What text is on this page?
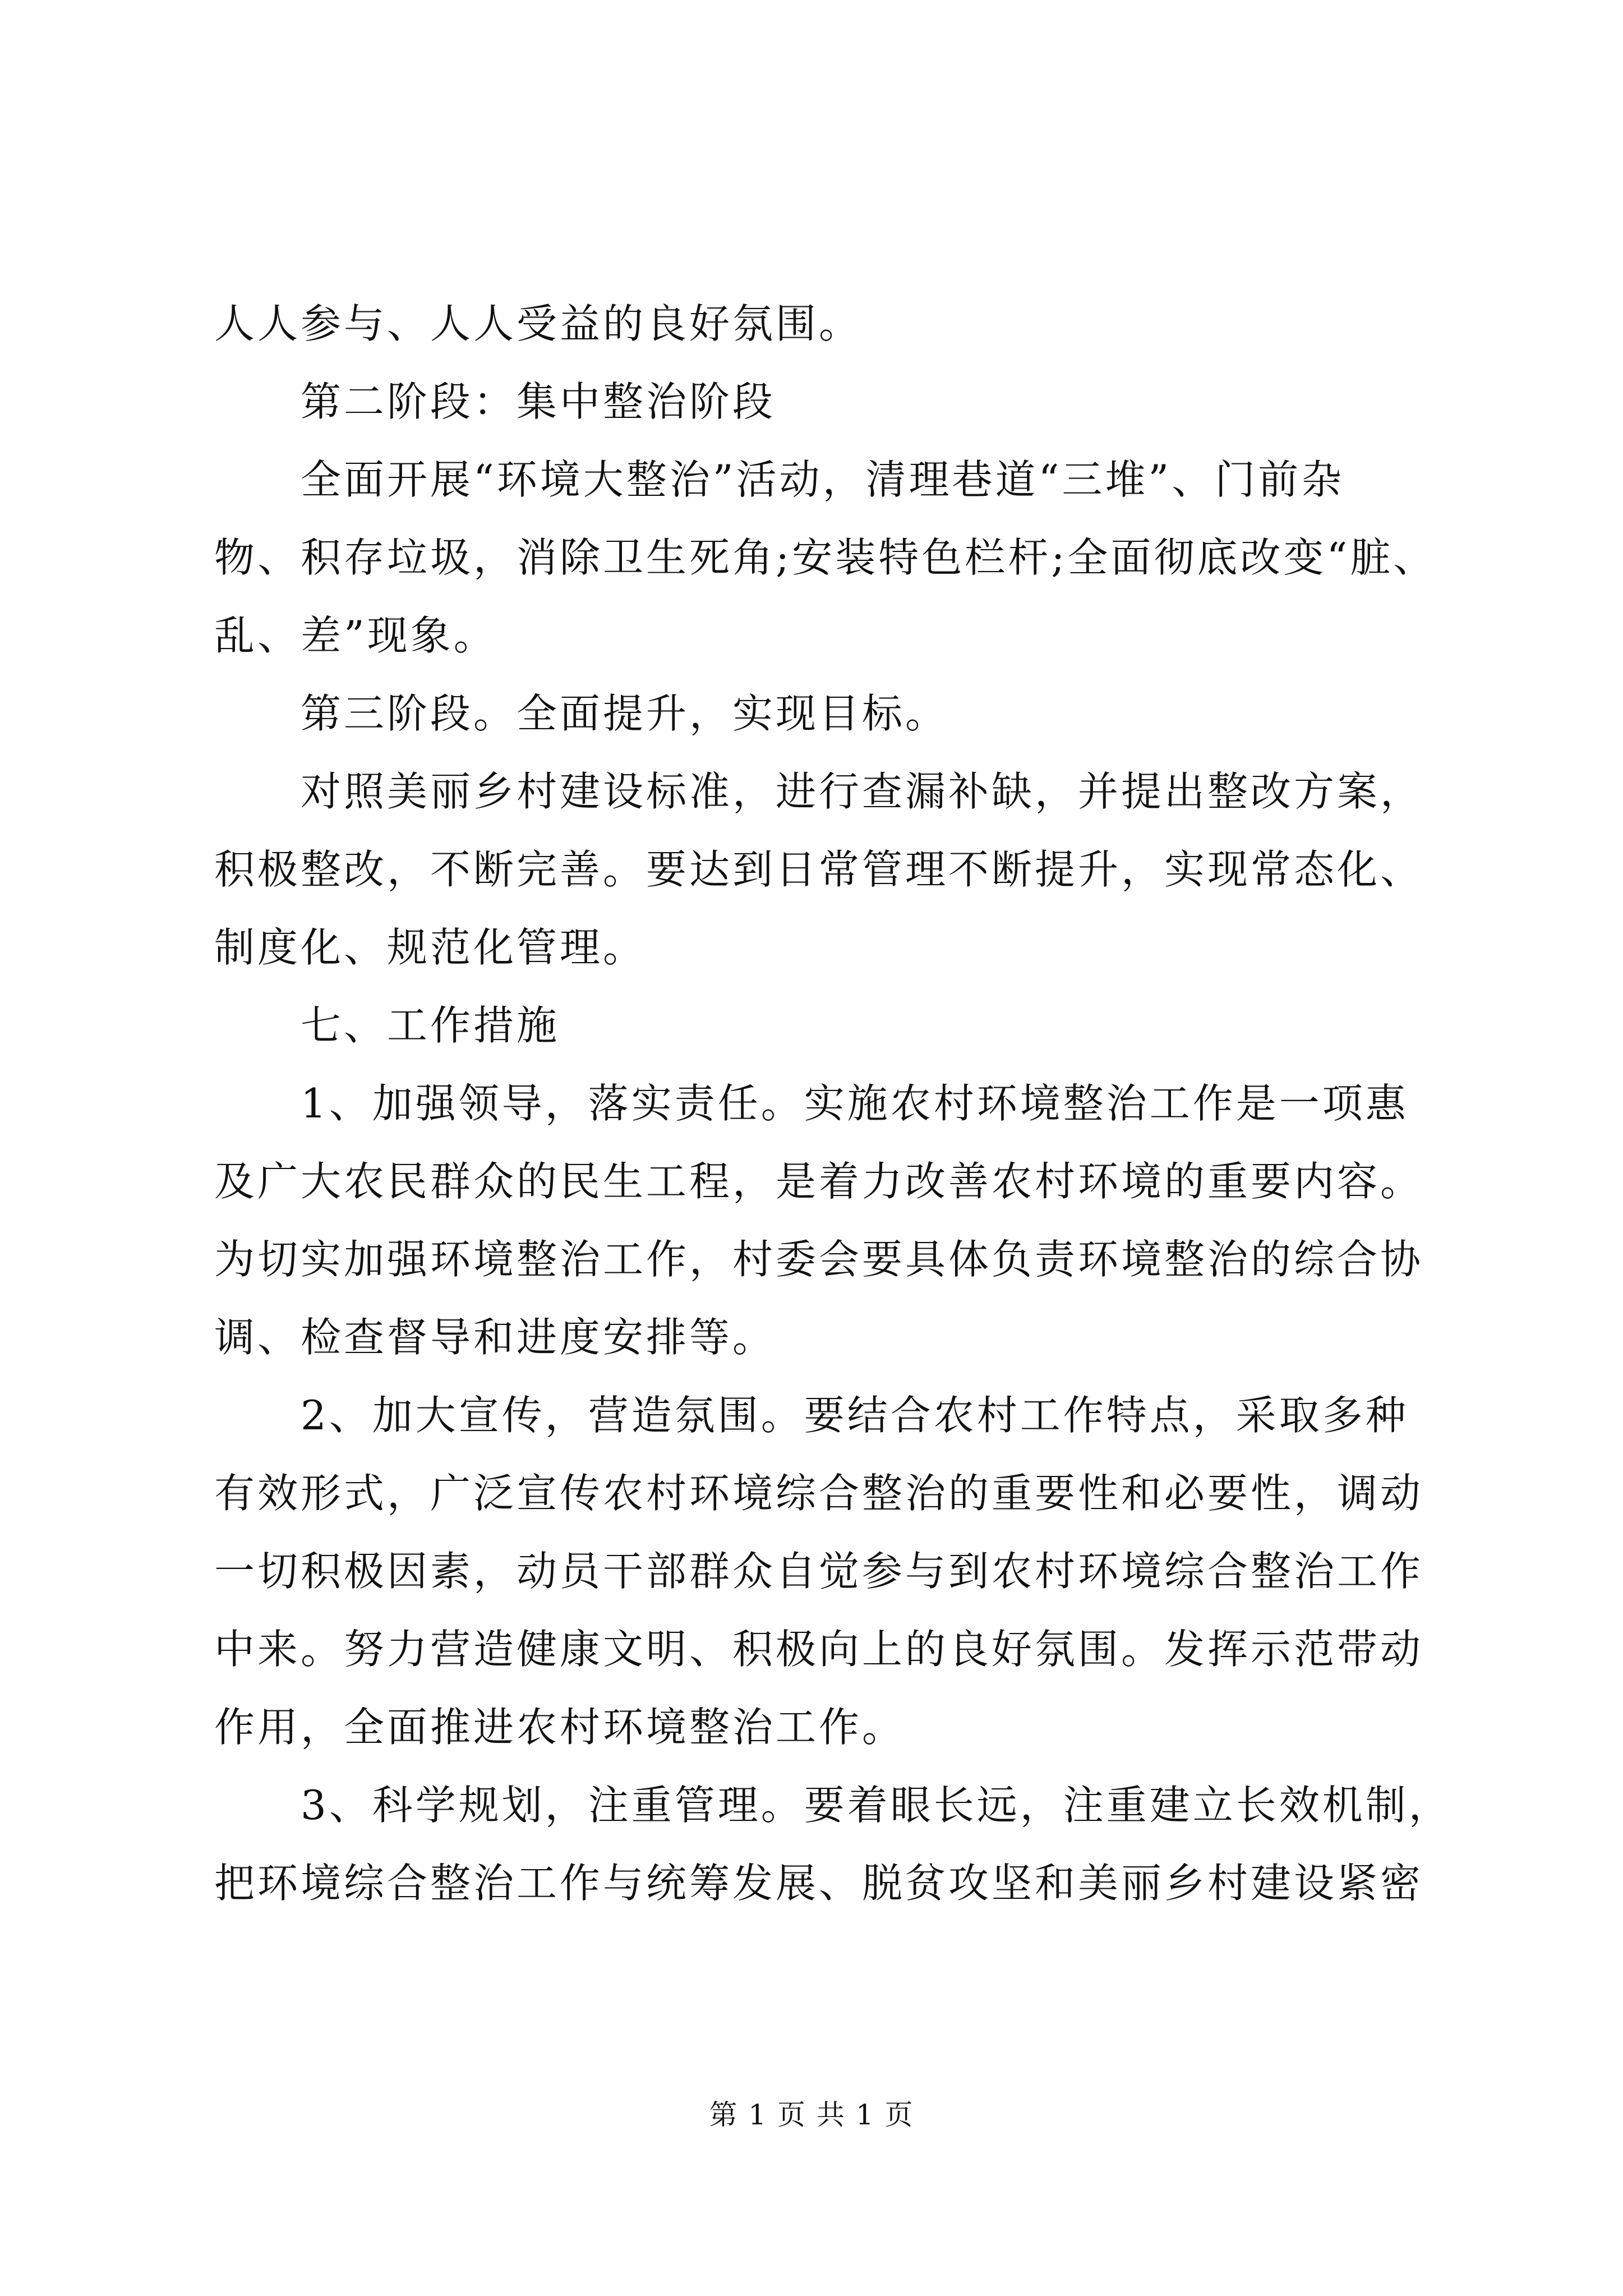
人人参与、人人受益的良好氛围。
　　第二阶段：集中整治阶段
　　全面开展“环境大整治”活动，清理巷道“三堆”、门前杂
物、积存垃圾，消除卫生死角;安装特色栏杆;全面彻底改变“脏、
乱、差”现象。
　　第三阶段。全面提升，实现目标。
　　对照美丽乡村建设标准，进行查漏补缺，并提出整改方案，
积极整改，不断完善。要达到日常管理不断提升，实现常态化、
制度化、规范化管理。
　　七、工作措施
　　1、加强领导，落实责任。实施农村环境整治工作是一项惠
及广大农民群众的民生工程，是着力改善农村环境的重要内容。
为切实加强环境整治工作，村委会要具体负责环境整治的综合协
调、检查督导和进度安排等。
　　2、加大宣传，营造氛围。要结合农村工作特点，采取多种
有效形式，广泛宣传农村环境综合整治的重要性和必要性，调动
一切积极因素，动员干部群众自觉参与到农村环境综合整治工作
中来。努力营造健康文明、积极向上的良好氛围。发挥示范带动
作用，全面推进农村环境整治工作。
　　3、科学规划，注重管理。要着眼长远，注重建立长效机制，
把环境综合整治工作与统筹发展、脱贫攻坚和美丽乡村建设紧密
第 1 页 共 1 页
